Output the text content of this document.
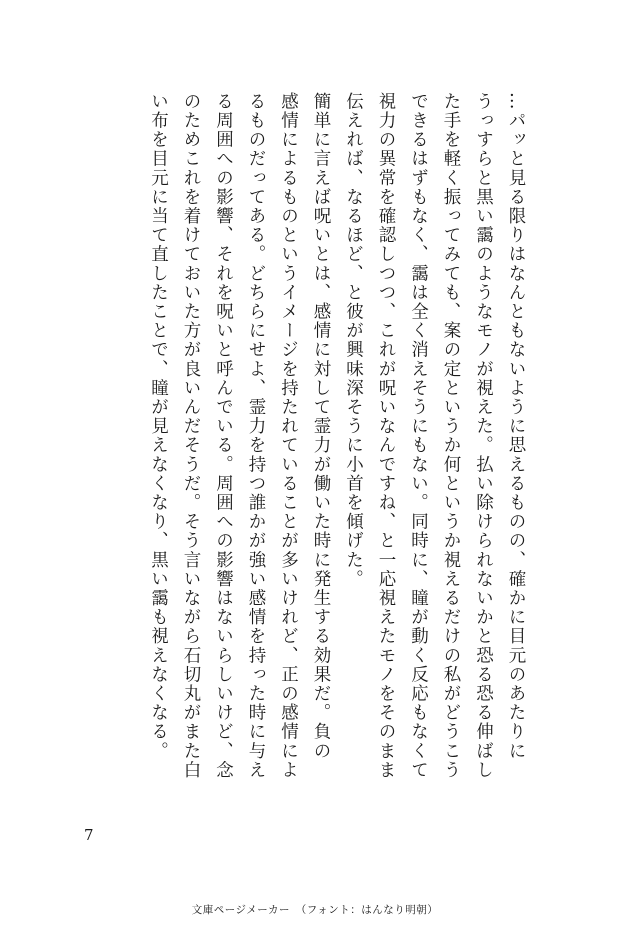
…パッと見る限りはなんともないように思えるものの、確かに目元のあたりに
うっすらと黒い靄のようなモノが視えた。払い除けられないかと恐る恐る伸ばし
た手を軽く振ってみても、案の定というか何というか視えるだけの私がどうこう
できるはずもなく、靄は全く消えそうにもない。同時に、瞳が動く反応もなくて
視力の異常を確認しつつ、これが呪いなんですね、と一応視えたモノをそのまま
伝えれば、なるほど、と彼が興味深そうに小首を傾げた。
簡単に言えば呪いとは、感情に対して霊力が働いた時に発生する効果だ。負の
感情によるものというイメージを持たれていることが多いけれど、正の感情によ
るものだってある。どちらにせよ、霊力を持つ誰かが強い感情を持った時に与え
る周囲への影響、それを呪いと呼んでいる。周囲への影響はないらしいけど、念
のためこれを着けておいた方が良いんだそうだ。そう言いながら石切丸がまた白
い布を目元に当て直したことで、瞳が見えなくなり、黒い靄も視えなくなる。
7
文庫ページメーカー　（フォント：はんなり明朝）
